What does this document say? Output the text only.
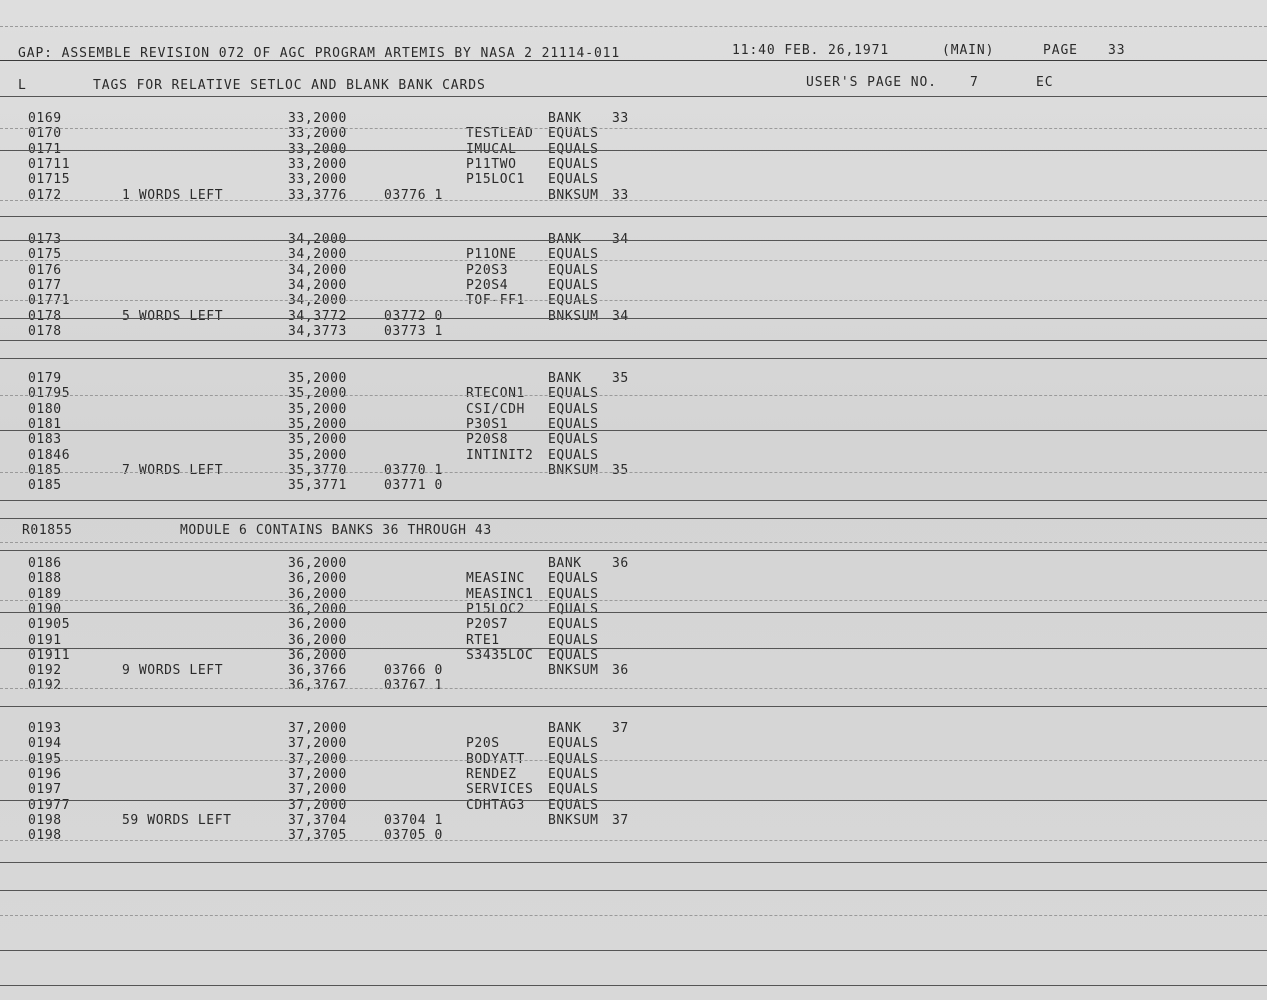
GAP: ASSEMBLE REVISION 072 OF AGC PROGRAM ARTEMIS BY NASA 2 21114-011	11:40 FEB. 26,1971	(MAIN)	PAGE 33
L	TAGS FOR RELATIVE SETLOC AND BLANK BANK CARDS	USER'S PAGE NO.	7	EC
0169	33,2000	BANK 33
0170	33,2000	TESTLEAD EQUALS
0171	33,2000	IMUCAL EQUALS
01711	33,2000	P11TWO EQUALS
01715	33,2000	P15LOC1 EQUALS
0172	1 WORDS LEFT	33,3776	03776 1	BNKSUM 33
0173	34,2000	BANK 34
0175	34,2000	P11ONE EQUALS
0176	34,2000	P20S3	EQUALS
0177	34,2000	P20S4	EQUALS
01771	34,2000	TOF-FF1 EQUALS
0178	5 WORDS LEFT	34,3772	03772 0	BNKSUM 34
0178	34,3773	03773 1
0179	35,2000	BANK 35
01795	35,2000	RTECON1 EQUALS
0180	35,2000	CSI/CDH EQUALS
0181	35,2000	P30S1	EQUALS
0183	35,2000	P20S8	EQUALS
01846	35,2000	INTINIT2 EQUALS
0185	7 WORDS LEFT	35,3770	03770 1	BNKSUM 35
0185	35,3771	03771 0
R01855	MODULE 6 CONTAINS BANKS 36 THROUGH 43
0186	36,2000	BANK 36
0188	36,2000	MEASINC EQUALS
0189	36,2000	MEASINC1 EQUALS
0190	36,2000	P15LOC2 EQUALS
01905	36,2000	P20S7	EQUALS
0191	36,2000	RTE1	EQUALS
01911	36,2000	S3435LOC EQUALS
0192	9 WORDS LEFT	36,3766	03766 0	BNKSUM 36
0192	36,3767	03767 1
0193	37,2000	BANK 37
0194	37,2000	P20S	EQUALS
0195	37,2000	BODYATT EQUALS
0196	37,2000	RENDEZ EQUALS
0197	37,2000	SERVICES EQUALS
01977	37,2000	CDHTAG3 EQUALS
0198	59 WORDS LEFT	37,3704	03704 1	BNKSUM 37
0198	37,3705	03705 0
